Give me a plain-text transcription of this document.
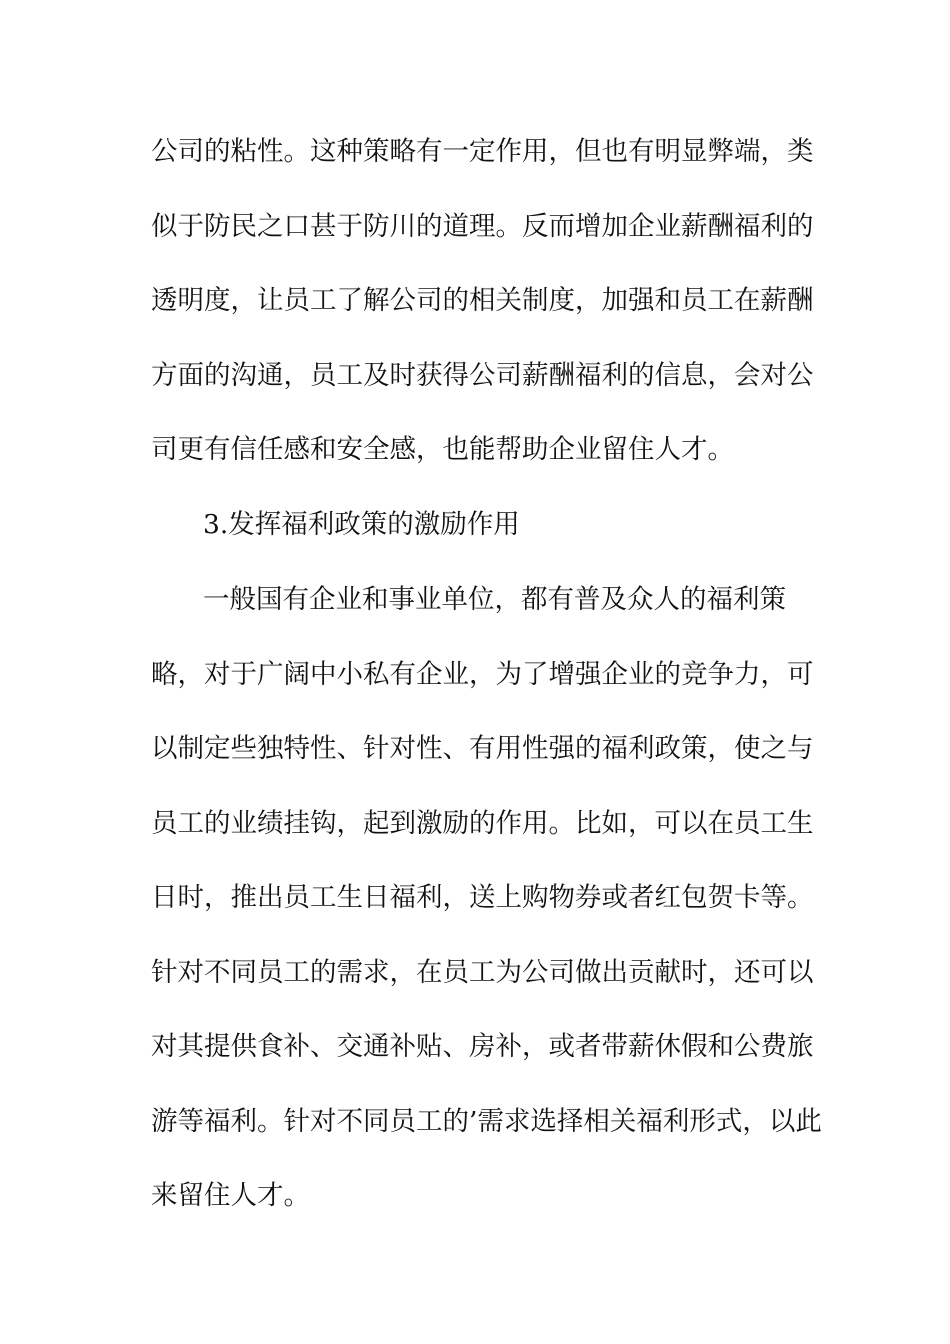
公司的粘性。这种策略有一定作用，但也有明显弊端，类
似于防民之口甚于防川的道理。反而增加企业薪酬福利的
透明度，让员工了解公司的相关制度，加强和员工在薪酬
方面的沟通，员工及时获得公司薪酬福利的信息，会对公
司更有信任感和安全感，也能帮助企业留住人才。
3.发挥福利政策的激励作用
一般国有企业和事业单位，都有普及众人的福利策
略，对于广阔中小私有企业，为了增强企业的竞争力，可
以制定些独特性、针对性、有用性强的福利政策，使之与
员工的业绩挂钩，起到激励的作用。比如，可以在员工生
日时，推出员工生日福利，送上购物券或者红包贺卡等。
针对不同员工的需求，在员工为公司做出贡献时，还可以
对其提供食补、交通补贴、房补，或者带薪休假和公费旅
游等福利。针对不同员工的’需求选择相关福利形式，以此
来留住人才。
